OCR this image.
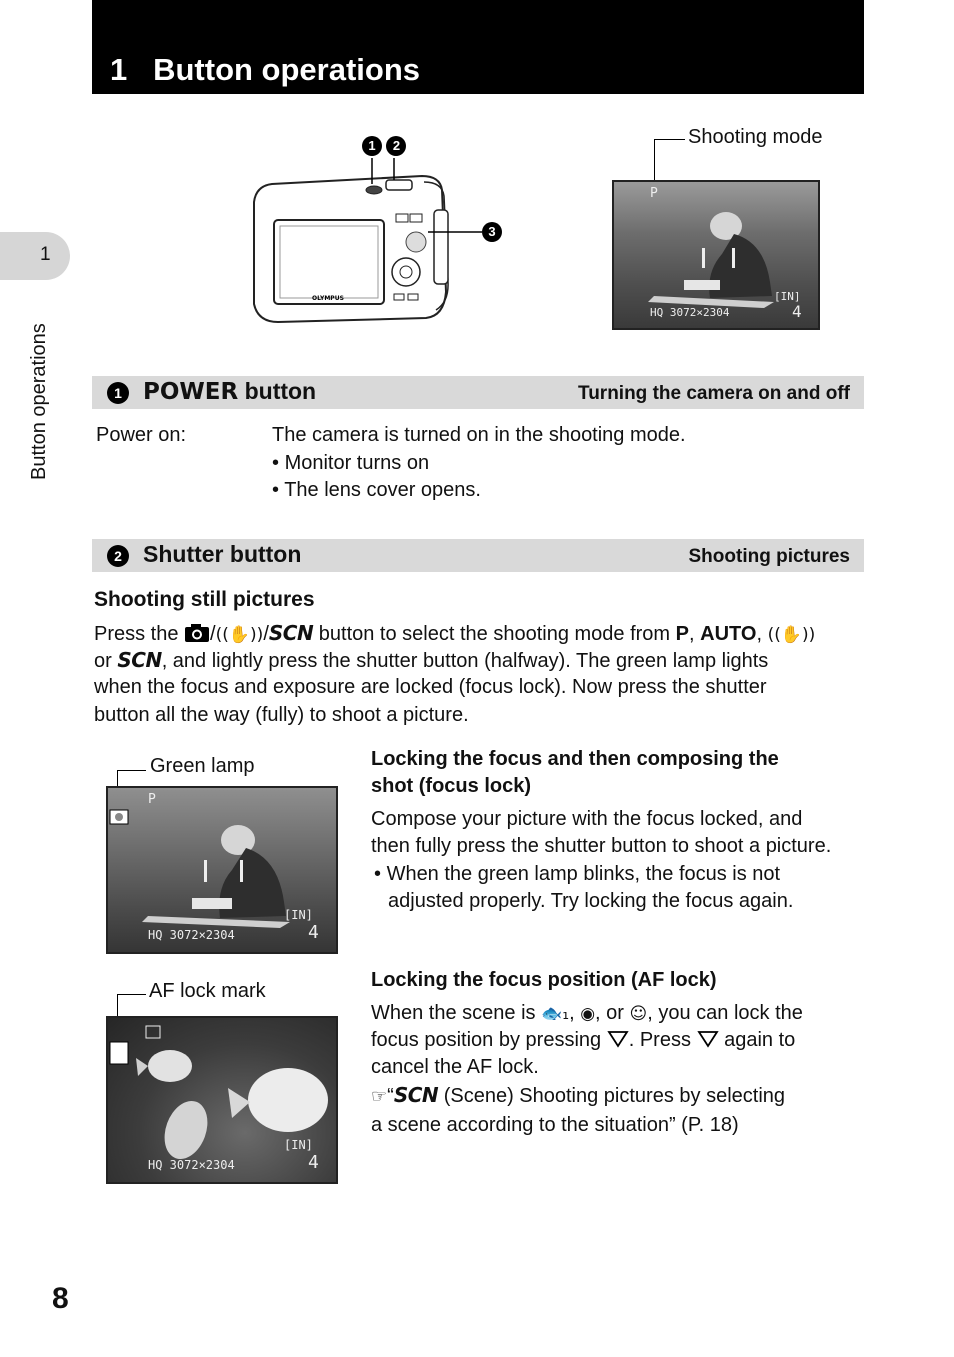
1 Button operations
1
Button operations
OLYMPUS
1 2
3
Shooting mode
P
[IN]
HQ 3072×2304	4
1 POWER button	Turning the camera on and off
Power on:	The camera is turned on in the shooting mode.
• Monitor turns on
• The lens cover opens.
2 Shutter button	Shooting pictures
Shooting still pictures
Press the /((✋))/SCN button to select the shooting mode from P, AUTO, ((✋))
or SCN, and lightly press the shutter button (halfway). The green lamp lights
when the focus and exposure are locked (focus lock). Now press the shutter
button all the way (fully) to shoot a picture.
Green lamp
P
[IN]
HQ 3072×2304	4
Locking the focus and then composing the
shot (focus lock)
Compose your picture with the focus locked, and
then fully press the shutter button to shoot a picture.
• When the green lamp blinks, the focus is not
adjusted properly. Try locking the focus again.
AF lock mark
[IN]
HQ 3072×2304	4
Locking the focus position (AF lock)
When the scene is 🐟₁, ◉, or ☺, you can lock the
focus position by pressing . Press again to
cancel the AF lock.
☞“SCN (Scene) Shooting pictures by selecting
a scene according to the situation” (P. 18)
8
